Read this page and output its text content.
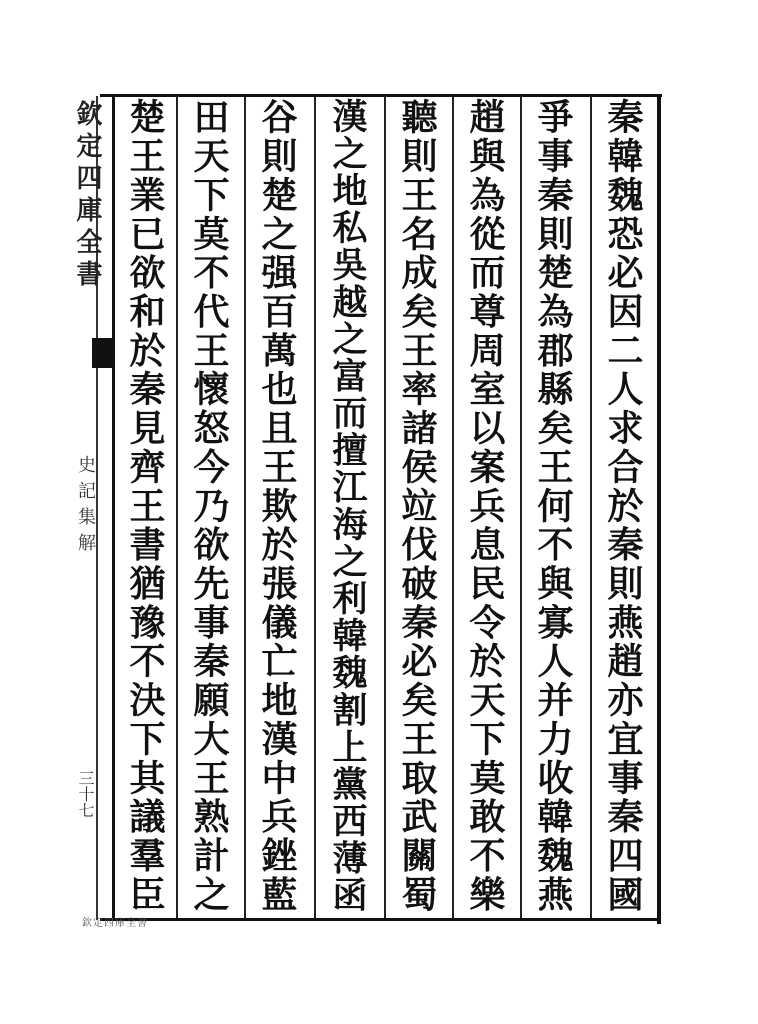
秦韓魏恐必因二人求合於秦則燕趙亦宜事秦四國
爭事秦則楚為郡縣矣王何不與寡人并力收韓魏燕
趙與為從而尊周室以案兵息民令於天下莫敢不樂
聽則王名成矣王率諸侯竝伐破秦必矣王取武關蜀
漢之地私吳越之富而擅江海之利韓魏割上黨西薄函
谷則楚之强百萬也且王欺於張儀亡地漢中兵銼藍
田天下莫不代王懷怒今乃欲先事秦願大王熟計之
楚王業已欲和於秦見齊王書猶豫不決下其議羣臣
欽定四庫全書
史記集解
三十七
欽定四庫全書
